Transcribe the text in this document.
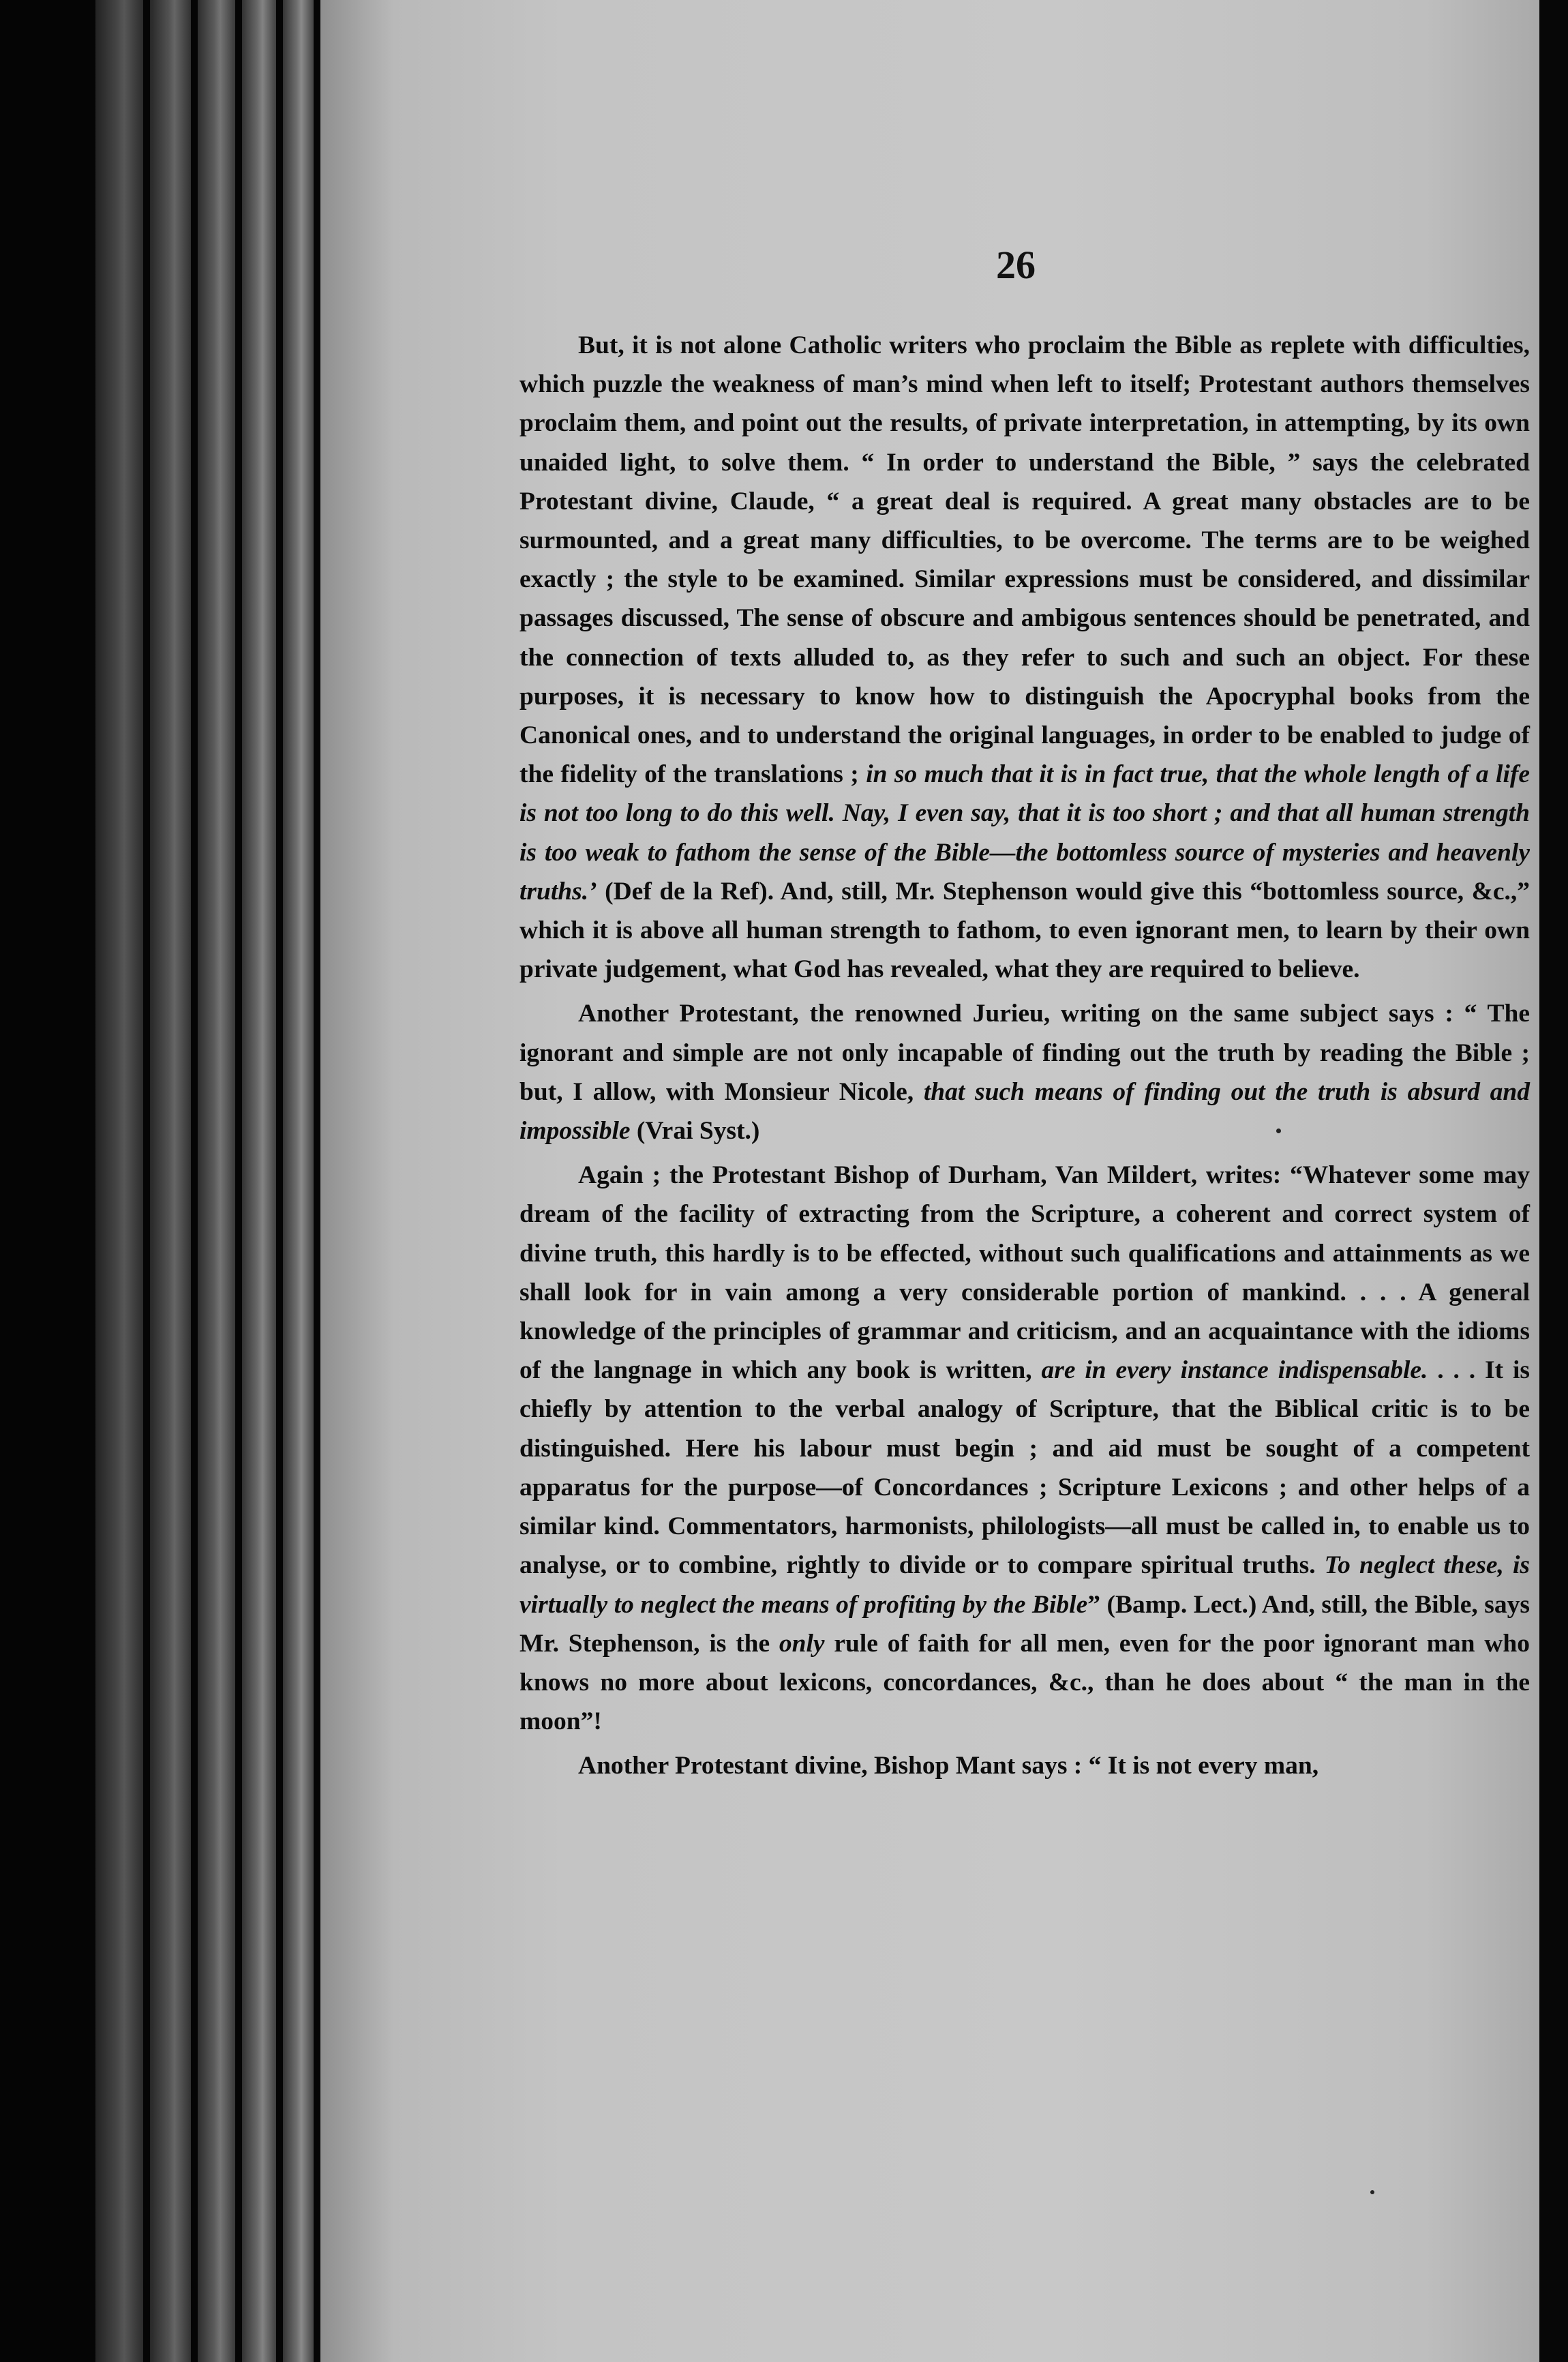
26

But, it is not alone Catholic writers who proclaim the Bible as replete with difficulties, which puzzle the weakness of man’s mind when left to itself; Protestant authors themselves proclaim them, and point out the results, of private interpretation, in attempting, by its own unaided light, to solve them. “ In order to understand the Bible, ” says the celebrated Protestant divine, Claude, “ a great deal is required. A great many obstacles are to be surmounted, and a great many difficulties, to be overcome. The terms are to be weighed exactly ; the style to be examined. Similar expressions must be considered, and dissimilar passages discussed, The sense of obscure and ambigous sentences should be penetrated, and the connection of texts alluded to, as they refer to such and such an object. For these purposes, it is necessary to know how to distinguish the Apocryphal books from the Canonical ones, and to understand the original languages, in order to be enabled to judge of the fidelity of the translations ; in so much that it is in fact true, that the whole length of a life is not too long to do this well. Nay, I even say, that it is too short ; and that all human strength is too weak to fathom the sense of the Bible—the bottomless source of mysteries and heavenly truths.’ (Def de la Ref). And, still, Mr. Stephenson would give this “bottomless source, &c.,” which it is above all human strength to fathom, to even ignorant men, to learn by their own private judgement, what God has revealed, what they are required to believe.

Another Protestant, the renowned Jurieu, writing on the same subject says : “ The ignorant and simple are not only incapable of finding out the truth by reading the Bible ; but, I allow, with Monsieur Nicole, that such means of finding out the truth is absurd and impossible (Vrai Syst.)

Again ; the Protestant Bishop of Durham, Van Mildert, writes: “Whatever some may dream of the facility of extracting from the Scripture, a coherent and correct system of divine truth, this hardly is to be effected, without such qualifications and attainments as we shall look for in vain among a very considerable portion of mankind. . . . A general knowledge of the principles of grammar and criticism, and an acquaintance with the idioms of the langnage in which any book is written, are in every instance indispensable. . . . It is chiefly by attention to the verbal analogy of Scripture, that the Biblical critic is to be distinguished. Here his labour must begin ; and aid must be sought of a competent apparatus for the purpose—of Concordances ; Scripture Lexicons ; and other helps of a similar kind. Commentators, harmonists, philologists—all must be called in, to enable us to analyse, or to combine, rightly to divide or to compare spiritual truths. To neglect these, is virtually to neglect the means of profiting by the Bible” (Bamp. Lect.) And, still, the Bible, says Mr. Stephenson, is the only rule of faith for all men, even for the poor ignorant man who knows no more about lexicons, concordances, &c., than he does about “ the man in the moon”!

Another Protestant divine, Bishop Mant says : “ It is not every man,
